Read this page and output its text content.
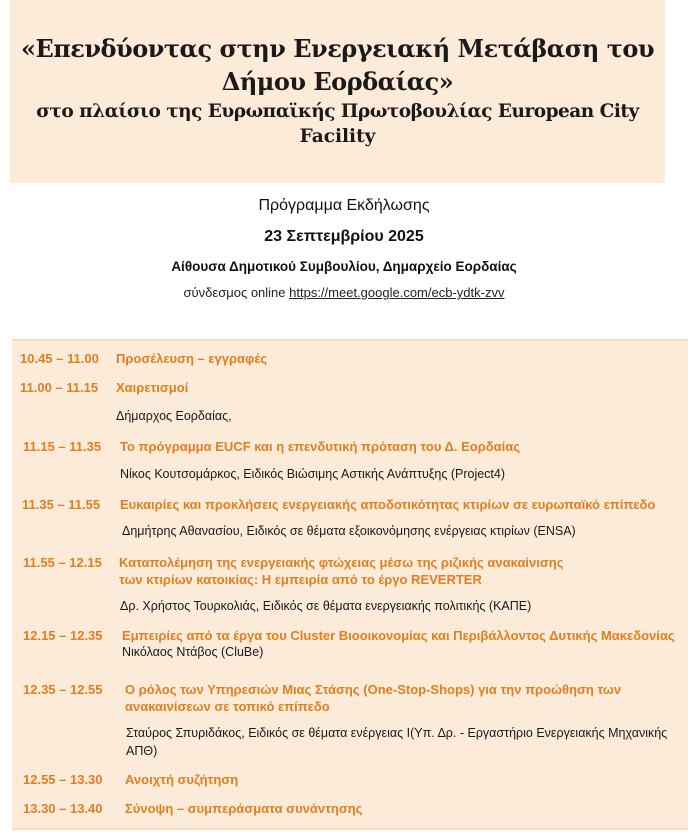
«Επενδύοντας στην Ενεργειακή Μετάβαση του
Δήμου Εορδαίας»
στο πλαίσιο της Ευρωπαϊκής Πρωτοβουλίας European City
Facility
Πρόγραμμα Εκδήλωσης
23 Σεπτεμβρίου 2025
Αίθουσα Δημοτικού Συμβουλίου, Δημαρχείο Εορδαίας
σύνδεσμος online https://meet.google.com/ecb-ydtk-zvv
10.45 – 11.00 Προσέλευση – εγγραφές
11.00 – 11.15 Χαιρετισμοί
Δήμαρχος Εορδαίας,
11.15 – 11.35 Το πρόγραμμα EUCF και η επενδυτική πρόταση του Δ. Εορδαίας
Νίκος Κουτσομάρκος, Ειδικός Βιώσιμης Αστικής Ανάπτυξης (Project4)
11.35 – 11.55 Ευκαιρίες και προκλήσεις ενεργειακής αποδοτικότητας κτιρίων σε ευρωπαϊκό επίπεδο
Δημήτρης Αθανασίου, Ειδικός σε θέματα εξοικονόμησης ενέργειας κτιρίων (ENSA)
11.55 – 12.15 Καταπολέμηση της ενεργειακής φτώχειας μέσω της ριζικής ανακαίνισης
των κτιρίων κατοικίας: Η εμπειρία από το έργο REVERTER
Δρ. Χρήστος Τουρκολιάς, Ειδικός σε θέματα ενεργειακής πολιτικής (ΚΑΠΕ)
12.15 – 12.35 Εμπειρίες από τα έργα του Cluster Βιοοικονομίας και Περιβάλλοντος Δυτικής Μακεδονίας
Νικόλαος Ντάβος (CluBe)
12.35 – 12.55 Ο ρόλος των Υπηρεσιών Μιας Στάσης (One-Stop-Shops) για την προώθηση των
ανακαινίσεων σε τοπικό επίπεδο
Σταύρος Σπυριδάκος, Ειδικός σε θέματα ενέργειας Ι(Υπ. Δρ. - Εργαστήριο Ενεργειακής Μηχανικής
ΑΠΘ)
12.55 – 13.30 Ανοιχτή συζήτηση
13.30 – 13.40 Σύνοψη – συμπεράσματα συνάντησης
